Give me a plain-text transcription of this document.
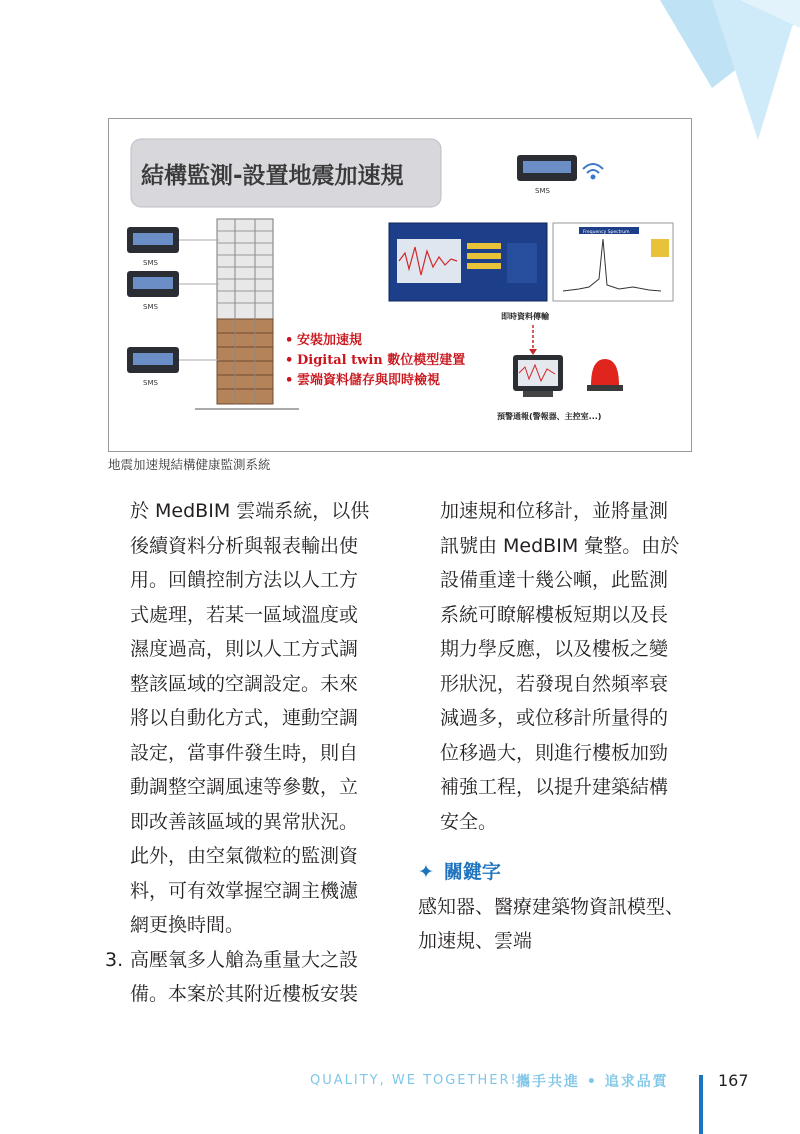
結構監測-設置地震加速規
SMS
SMS
SMS
SMS
Frequency Spectrum
即時資料傳輸
• 安裝加速規
• Digital twin 數位模型建置
• 雲端資料儲存與即時檢視
預警通報(警報器、主控室...)
地震加速規結構健康監測系統

於 MedBIM 雲端系統，以供

後續資料分析與報表輸出使

用。回饋控制方法以人工方

式處理，若某一區域溫度或

濕度過高，則以人工方式調

整該區域的空調設定。未來

將以自動化方式，連動空調

設定，當事件發生時，則自

動調整空調風速等參數，立

即改善該區域的異常狀況。

此外，由空氣微粒的監測資

料，可有效掌握空調主機濾

網更換時間。

3. 高壓氧多人艙為重量大之設

備。本案於其附近樓板安裝

加速規和位移計，並將量測

訊號由 MedBIM 彙整。由於

設備重達十幾公噸，此監測

系統可瞭解樓板短期以及長

期力學反應，以及樓板之變

形狀況，若發現自然頻率衰

減過多，或位移計所量得的

位移過大，則進行樓板加勁

補強工程，以提升建築結構

安全。

✦ 關鍵字

感知器、醫療建築物資訊模型、

加速規、雲端

QUALITY, WE TOGETHER!
攜手共進 • 追求品質	167
